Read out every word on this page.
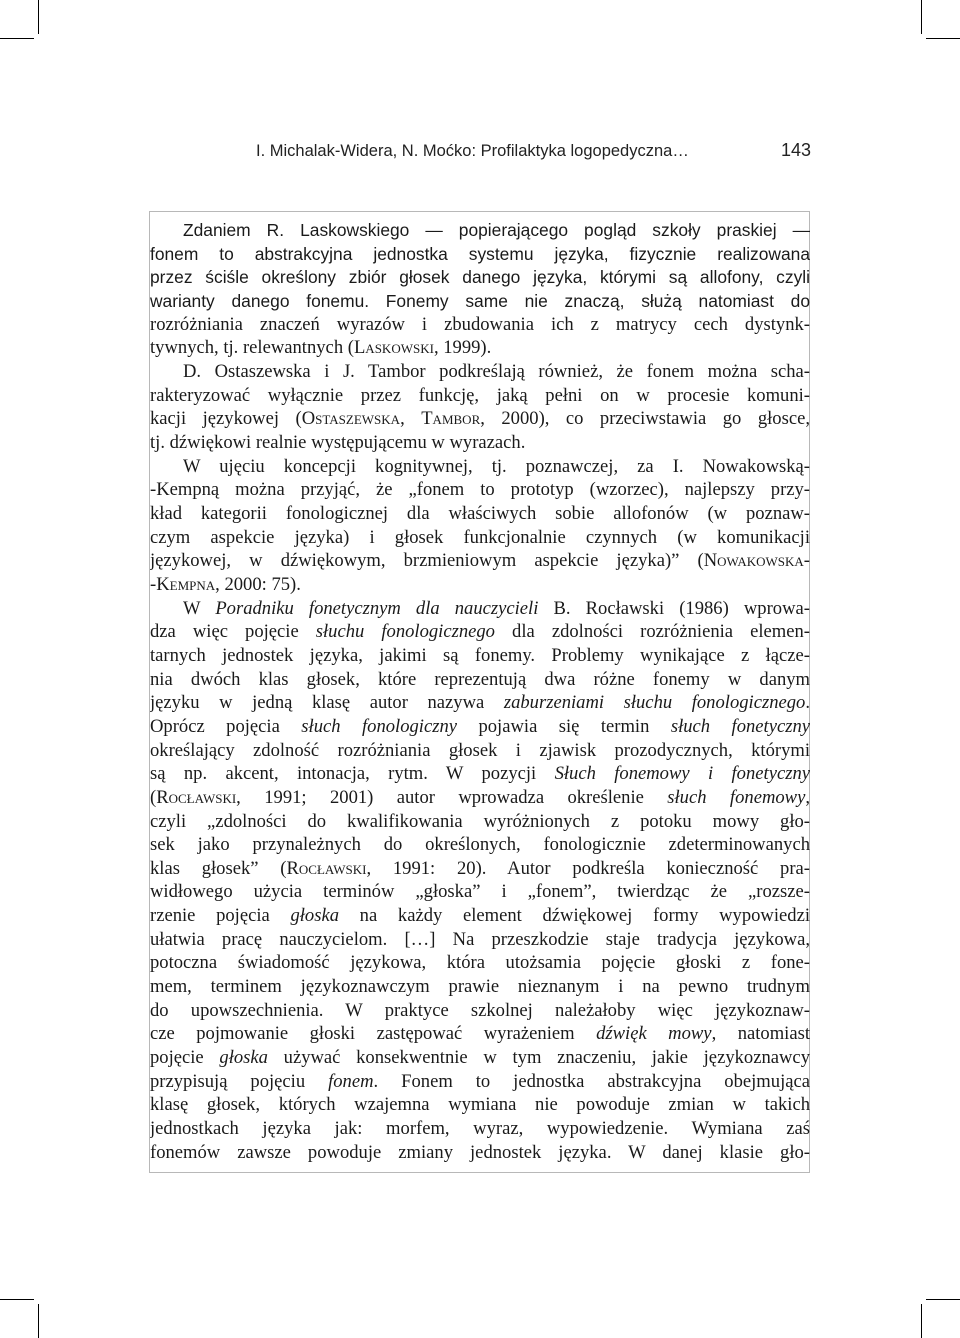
I. Michalak-Widera, N. Moćko: Profilaktyka logopedyczna…	143
Zdaniem R. Laskowskiego — popierającego pogląd szkoły praskiej —
fonem to abstrakcyjna jednostka systemu języka, fizycznie realizowana
przez ściśle określony zbiór głosek danego języka, którymi są allofony, czyli
warianty danego fonemu. Fonemy same nie znaczą, służą natomiast do
rozróżniania znaczeń wyrazów i zbudowania ich z matrycy cech dystynk-
tywnych, tj. relewantnych (Laskowski, 1999).
D. Ostaszewska i J. Tambor podkreślają również, że fonem można scha-
rakteryzować wyłącznie przez funkcję, jaką pełni on w procesie komuni-
kacji językowej (Ostaszewska, Tambor, 2000), co przeciwstawia go głosce,
tj. dźwiękowi realnie występującemu w wyrazach.
W ujęciu koncepcji kognitywnej, tj. poznawczej, za I. Nowakowską-
-Kempną można przyjąć, że „fonem to prototyp (wzorzec), najlepszy przy-
kład kategorii fonologicznej dla właściwych sobie allofonów (w poznaw-
czym aspekcie języka) i głosek funkcjonalnie czynnych (w komunikacji
językowej, w dźwiękowym, brzmieniowym aspekcie języka)” (Nowakowska-
-Kempna, 2000: 75).
W Poradniku fonetycznym dla nauczycieli B. Rocławski (1986) wprowa-
dza więc pojęcie słuchu fonologicznego dla zdolności rozróżnienia elemen-
tarnych jednostek języka, jakimi są fonemy. Problemy wynikające z łącze-
nia dwóch klas głosek, które reprezentują dwa różne fonemy w danym
języku w jedną klasę autor nazywa zaburzeniami słuchu fonologicznego.
Oprócz pojęcia słuch fonologiczny pojawia się termin słuch fonetyczny
określający zdolność rozróżniania głosek i zjawisk prozodycznych, którymi
są np. akcent, intonacja, rytm. W pozycji Słuch fonemowy i fonetyczny
(Rocławski, 1991; 2001) autor wprowadza określenie słuch fonemowy,
czyli „zdolności do kwalifikowania wyróżnionych z potoku mowy gło-
sek jako przynależnych do określonych, fonologicznie zdeterminowanych
klas głosek” (Rocławski, 1991: 20). Autor podkreśla konieczność pra-
widłowego użycia terminów „głoska” i „fonem”, twierdząc że „rozsze-
rzenie pojęcia głoska na każdy element dźwiękowej formy wypowiedzi
ułatwia pracę nauczycielom. […] Na przeszkodzie staje tradycja językowa,
potoczna świadomość językowa, która utożsamia pojęcie głoski z fone-
mem, terminem językoznawczym prawie nieznanym i na pewno trudnym
do upowszechnienia. W praktyce szkolnej należałoby więc językoznaw-
cze pojmowanie głoski zastępować wyrażeniem dźwięk mowy, natomiast
pojęcie głoska używać konsekwentnie w tym znaczeniu, jakie językoznawcy
przypisują pojęciu fonem. Fonem to jednostka abstrakcyjna obejmująca
klasę głosek, których wzajemna wymiana nie powoduje zmian w takich
jednostkach języka jak: morfem, wyraz, wypowiedzenie. Wymiana zaś
fonemów zawsze powoduje zmiany jednostek języka. W danej klasie gło-
